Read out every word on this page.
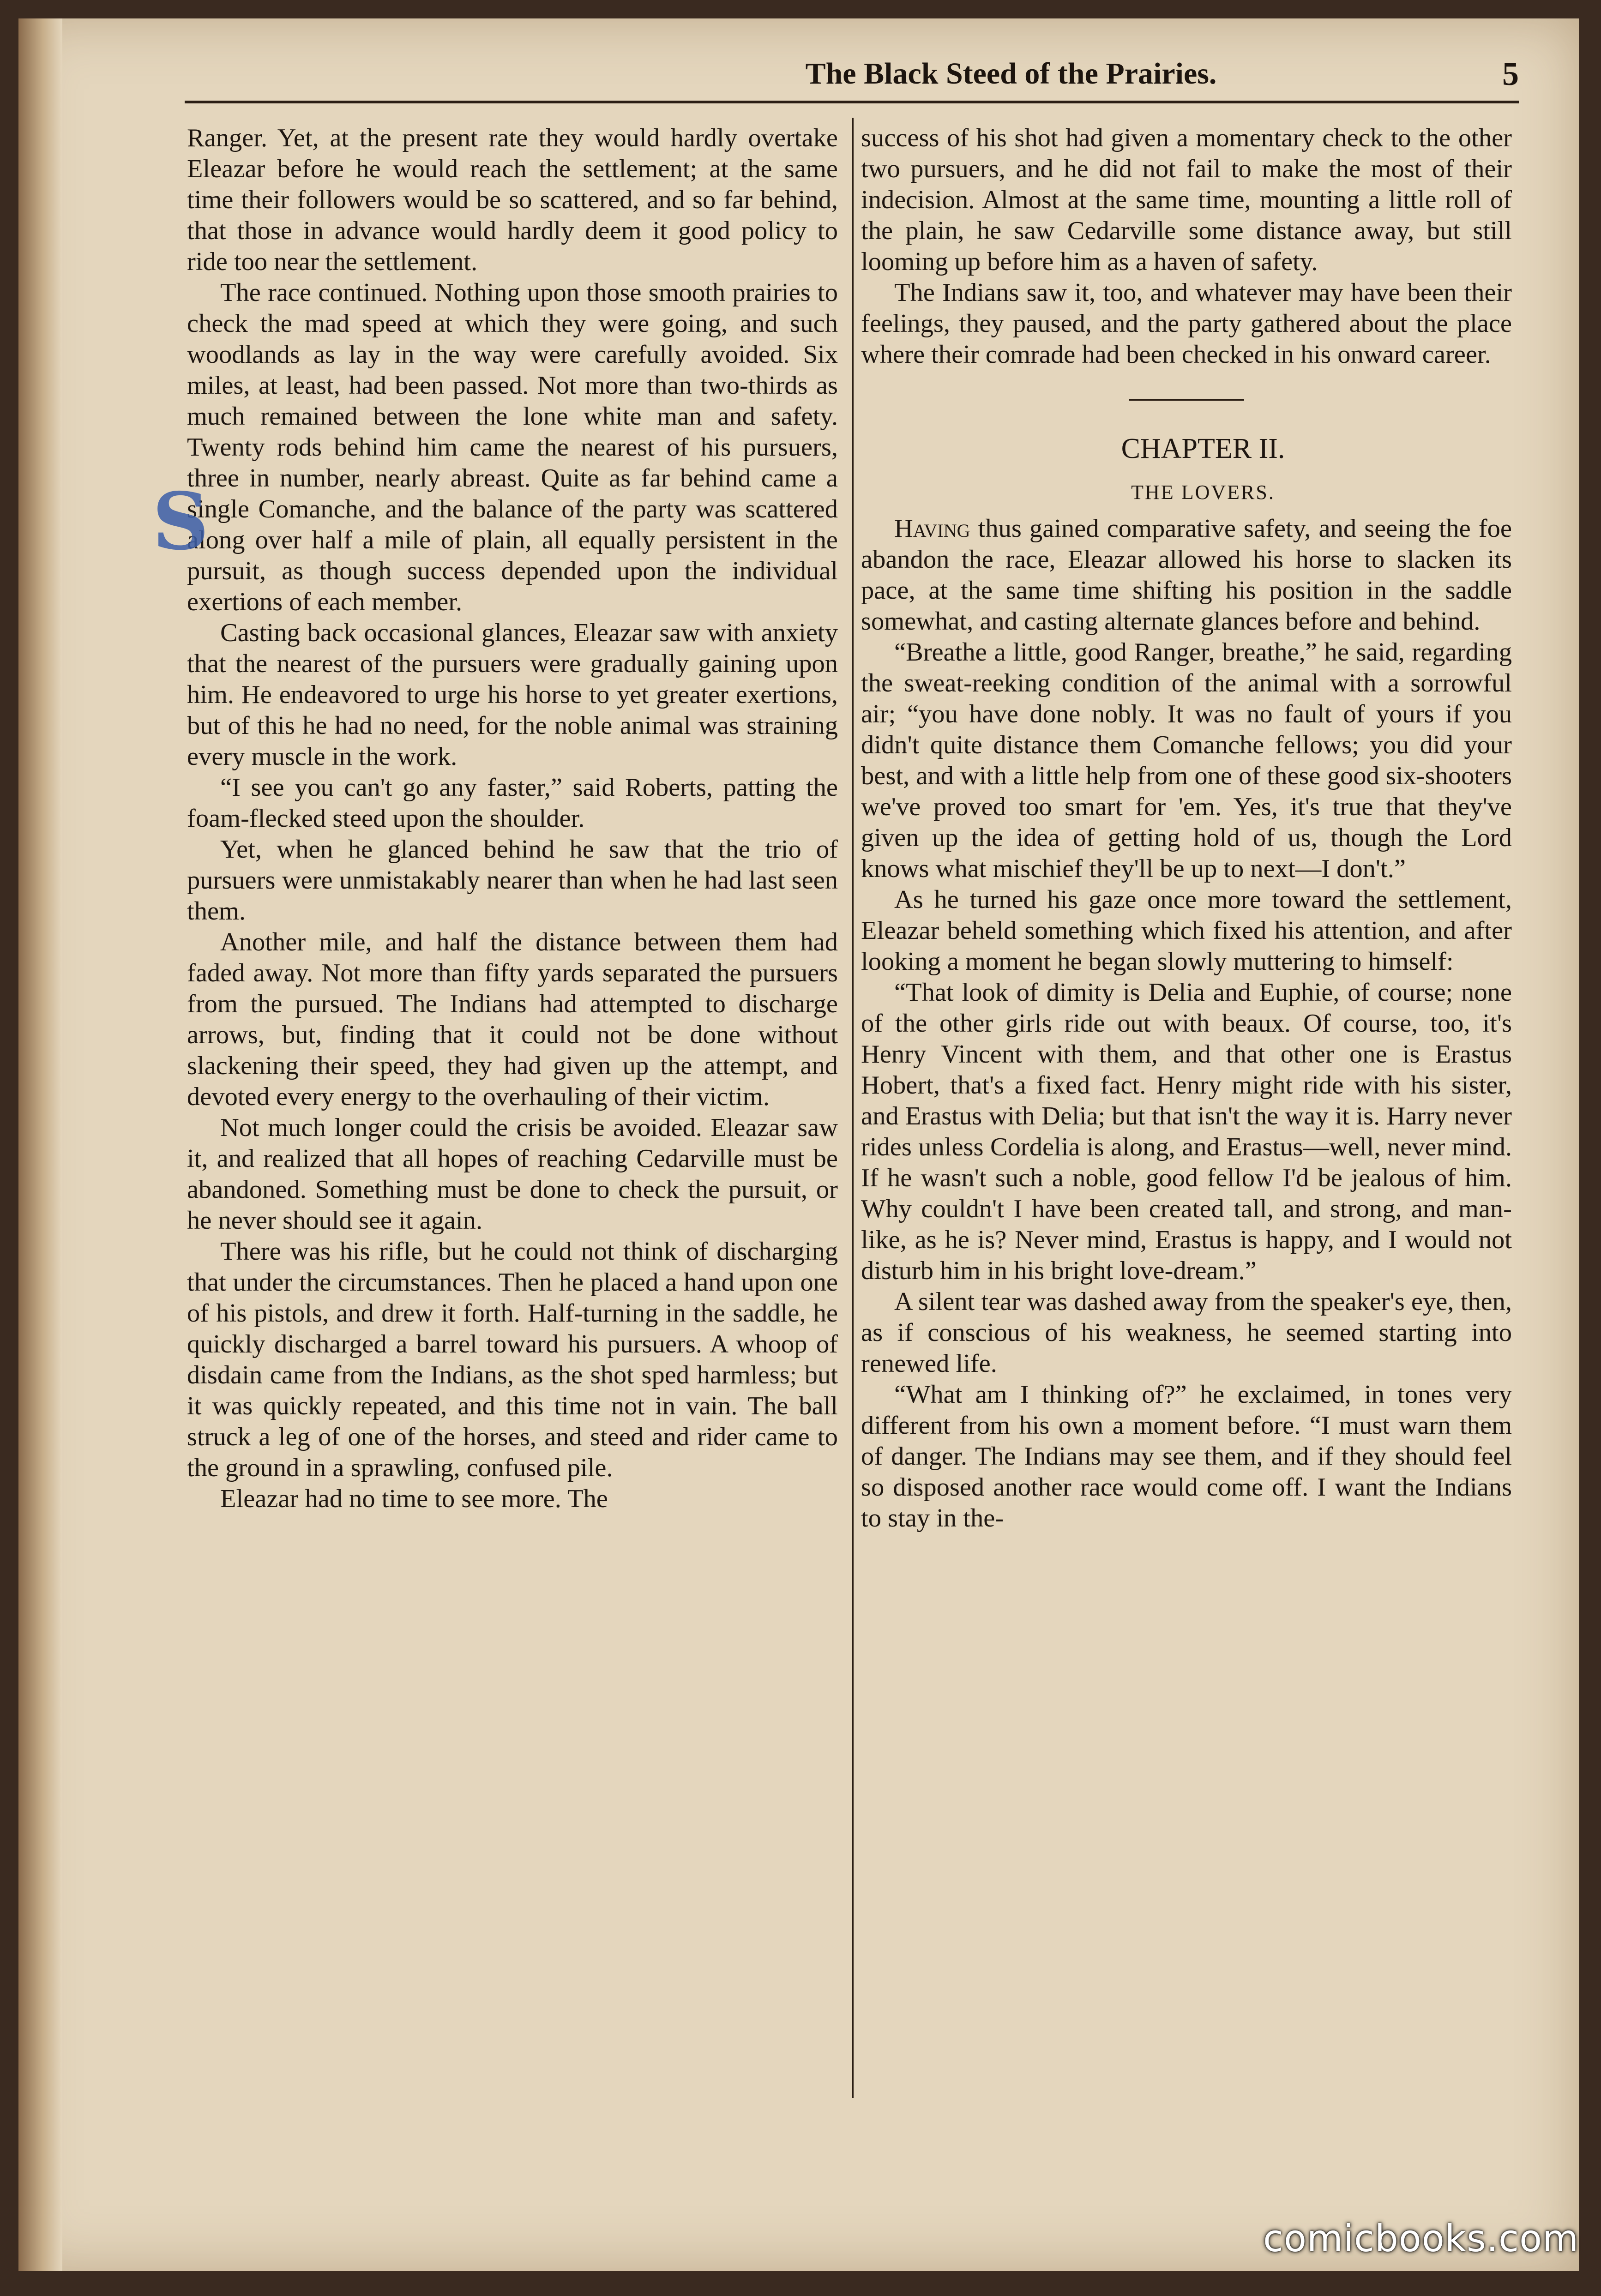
The Black Steed of the Prairies.	5

Ranger. Yet, at the present rate they would hardly overtake Eleazar before he would reach the settlement; at the same time their followers would be so scattered, and so far behind, that those in advance would hardly deem it good policy to ride too near the settlement.

The race continued. Nothing upon those smooth prairies to check the mad speed at which they were going, and such woodlands as lay in the way were carefully avoided. Six miles, at least, had been passed. Not more than two-thirds as much remained between the lone white man and safety. Twenty rods behind him came the nearest of his pursuers, three in number, nearly abreast. Quite as far behind came a single Comanche, and the balance of the party was scattered along over half a mile of plain, all equally persistent in the pursuit, as though success depended upon the individual exertions of each member.

Casting back occasional glances, Eleazar saw with anxiety that the nearest of the pursuers were gradually gaining upon him. He endeavored to urge his horse to yet greater exertions, but of this he had no need, for the noble animal was straining every muscle in the work.

“I see you can't go any faster,” said Roberts, patting the foam-flecked steed upon the shoulder.

Yet, when he glanced behind he saw that the trio of pursuers were unmistakably nearer than when he had last seen them.

Another mile, and half the distance between them had faded away. Not more than fifty yards separated the pursuers from the pursued. The Indians had attempted to discharge arrows, but, finding that it could not be done without slackening their speed, they had given up the attempt, and devoted every energy to the overhauling of their victim.

Not much longer could the crisis be avoided. Eleazar saw it, and realized that all hopes of reaching Cedarville must be abandoned. Something must be done to check the pursuit, or he never should see it again.

There was his rifle, but he could not think of discharging that under the circumstances. Then he placed a hand upon one of his pistols, and drew it forth. Half-turning in the saddle, he quickly discharged a barrel toward his pursuers. A whoop of disdain came from the Indians, as the shot sped harmless; but it was quickly repeated, and this time not in vain. The ball struck a leg of one of the horses, and steed and rider came to the ground in a sprawling, confused pile.

Eleazar had no time to see more. The

success of his shot had given a momentary check to the other two pursuers, and he did not fail to make the most of their indecision. Almost at the same time, mounting a little roll of the plain, he saw Cedarville some distance away, but still looming up before him as a haven of safety.

The Indians saw it, too, and whatever may have been their feelings, they paused, and the party gathered about the place where their comrade had been checked in his onward career.

CHAPTER II.

THE LOVERS.

Having thus gained comparative safety, and seeing the foe abandon the race, Eleazar allowed his horse to slacken its pace, at the same time shifting his position in the saddle somewhat, and casting alternate glances before and behind.

“Breathe a little, good Ranger, breathe,” he said, regarding the sweat-reeking condition of the animal with a sorrowful air; “you have done nobly. It was no fault of yours if you didn't quite distance them Comanche fellows; you did your best, and with a little help from one of these good six-shooters we've proved too smart for 'em. Yes, it's true that they've given up the idea of getting hold of us, though the Lord knows what mischief they'll be up to next—I don't.”

As he turned his gaze once more toward the settlement, Eleazar beheld something which fixed his attention, and after looking a moment he began slowly muttering to himself:

“That look of dimity is Delia and Euphie, of course; none of the other girls ride out with beaux. Of course, too, it's Henry Vincent with them, and that other one is Erastus Hobert, that's a fixed fact. Henry might ride with his sister, and Erastus with Delia; but that isn't the way it is. Harry never rides unless Cordelia is along, and Erastus—well, never mind. If he wasn't such a noble, good fellow I'd be jealous of him. Why couldn't I have been created tall, and strong, and man-like, as he is? Never mind, Erastus is happy, and I would not disturb him in his bright love-dream.”

A silent tear was dashed away from the speaker's eye, then, as if conscious of his weakness, he seemed starting into renewed life.

“What am I thinking of?” he exclaimed, in tones very different from his own a moment before. “I must warn them of danger. The Indians may see them, and if they should feel so disposed another race would come off. I want the Indians to stay in the-

S
comicbooks.com
